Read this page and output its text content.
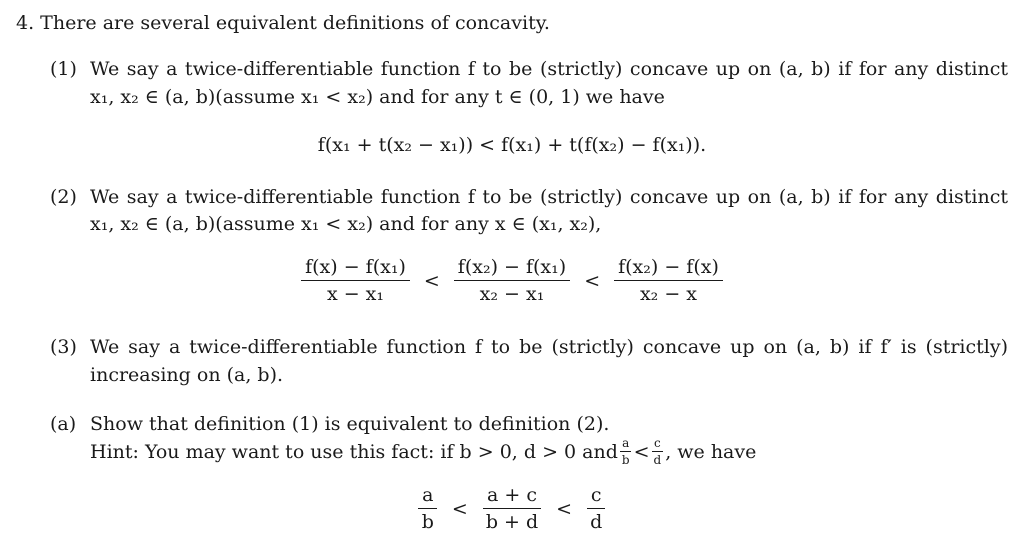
4. There are several equivalent definitions of concavity.
(1) We say a twice-differentiable function f to be (strictly) concave up on (a, b) if for any distinct
x₁, x₂ ∈ (a, b)(assume x₁ < x₂) and for any t ∈ (0, 1) we have
f(x₁ + t(x₂ − x₁)) < f(x₁) + t(f(x₂) − f(x₁)).
(2) We say a twice-differentiable function f to be (strictly) concave up on (a, b) if for any distinct
x₁, x₂ ∈ (a, b)(assume x₁ < x₂) and for any x ∈ (x₁, x₂),
$\frac{\text{f(x) − f(x₁)}}{\text{x − x₁}} < \frac{\text{f(x₂) − f(x₁)}}{\text{x₂ − x₁}} < \frac{\text{f(x₂) − f(x)}}{\text{x₂ − x}}$
(3) We say a twice-differentiable function f to be (strictly) concave up on (a, b) if f′ is (strictly)
increasing on (a, b).
(a) Show that definition (1) is equivalent to definition (2).
Hint: You may want to use this fact: if b > 0, d > 0 and $\frac{a}{b} < \frac{c}{d}$ , we have
$\frac{a}{b} < \frac{a + c}{b + d} < \frac{c}{d}$
